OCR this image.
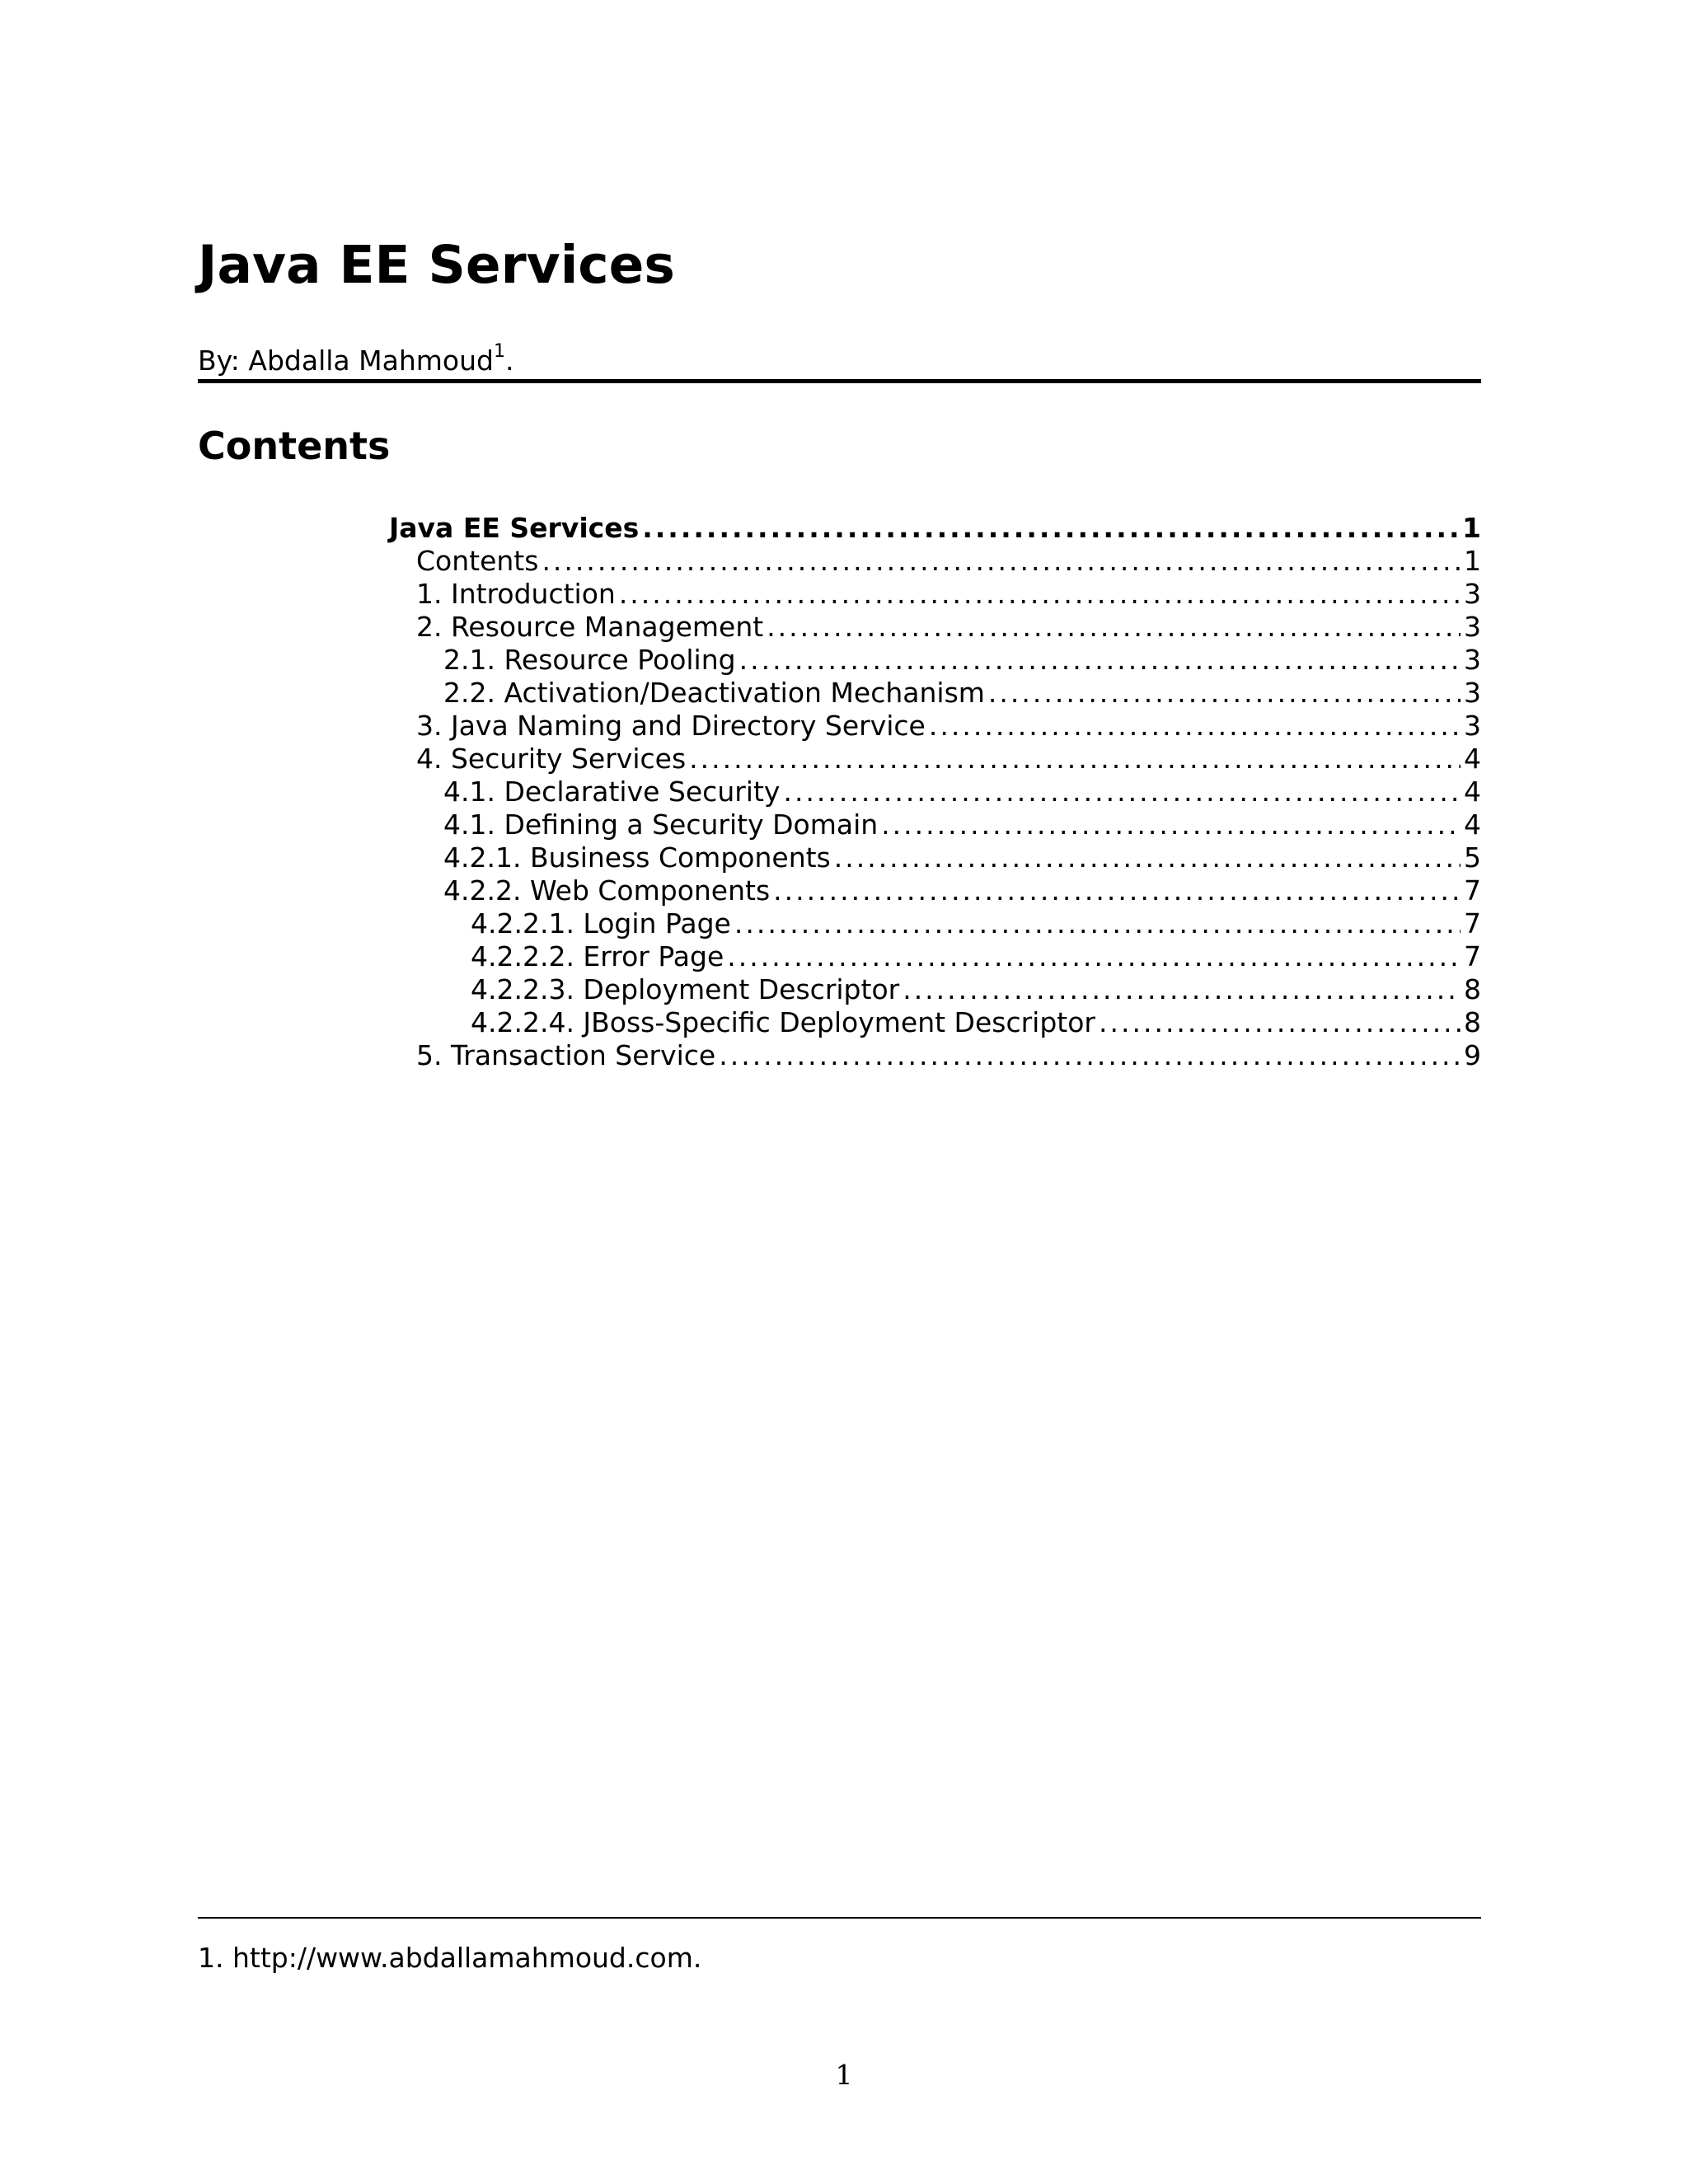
Java EE Services
By: Abdalla Mahmoud$^1$.
Contents
Java EE Services .....	1
Contents .....	1
1. Introduction .....	3
2. Resource Management .....	3
2.1. Resource Pooling .....	3
2.2. Activation/Deactivation Mechanism .....	3
3. Java Naming and Directory Service .....	3
4. Security Services .....	4
4.1. Declarative Security .....	4
4.1. Defining a Security Domain .....	4
4.2.1. Business Components .....	5
4.2.2. Web Components .....	7
4.2.2.1. Login Page .....	7
4.2.2.2. Error Page .....	7
4.2.2.3. Deployment Descriptor .....	8
4.2.2.4. JBoss-Specific Deployment Descriptor .....	8
5. Transaction Service .....	9
1. http://www.abdallamahmoud.com.
1
